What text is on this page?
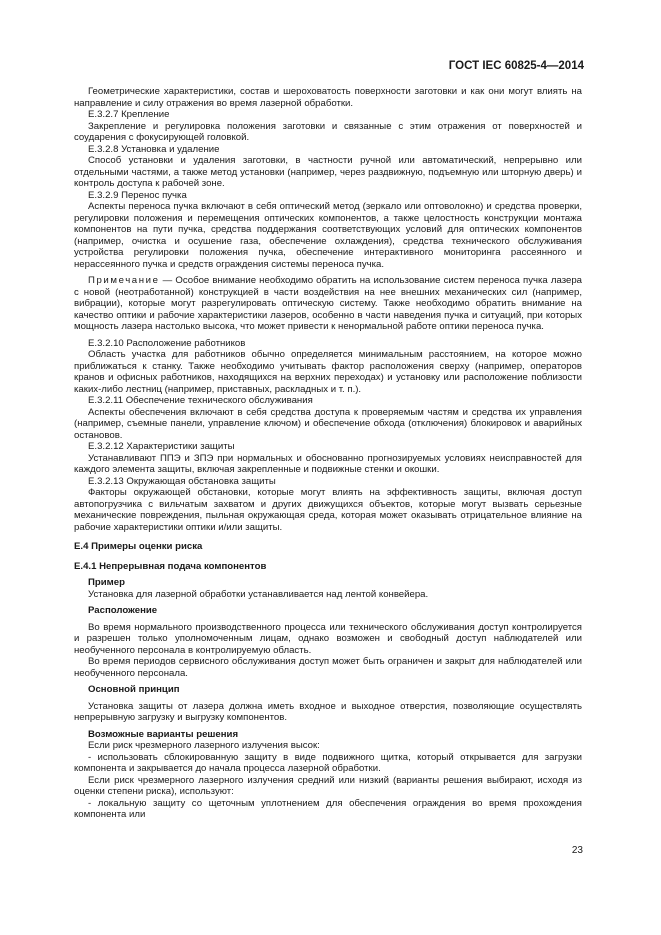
ГОСТ IEC 60825-4—2014

Геометрические характеристики, состав и шероховатость поверхности заготовки и как они могут влиять на направление и силу отражения во время лазерной обработки.

Е.3.2.7 Крепление

Закрепление и регулировка положения заготовки и связанные с этим отражения от поверхностей и соударения с фокусирующей головкой.

Е.3.2.8 Установка и удаление

Способ установки и удаления заготовки, в частности ручной или автоматический, непрерывно или отдельными частями, а также метод установки (например, через раздвижную, подъемную или шторную дверь) и контроль доступа к рабочей зоне.

Е.3.2.9 Перенос пучка

Аспекты переноса пучка включают в себя оптический метод (зеркало или оптоволокно) и средства проверки, регулировки положения и перемещения оптических компонентов, а также целостность конструкции монтажа компонентов на пути пучка, средства поддержания соответствующих условий для оптических компонентов (например, очистка и осушение газа, обеспечение охлаждения), средства технического обслуживания устройства регулировки положения пучка, обеспечение интерактивного мониторинга рассеянного и нерассеянного пучка и средств ограждения системы переноса пучка.

Примечание — Особое внимание необходимо обратить на использование систем переноса пучка лазера с новой (неотработанной) конструкцией в части воздействия на нее внешних механических сил (например, вибрации), которые могут разрегулировать оптическую систему. Также необходимо обратить внимание на качество оптики и рабочие характеристики лазеров, особенно в части наведения пучка и ситуаций, при которых мощность лазера настолько высока, что может привести к ненормальной работе оптики переноса пучка.

Е.3.2.10 Расположение работников

Область участка для работников обычно определяется минимальным расстоянием, на которое можно приближаться к станку. Также необходимо учитывать фактор расположения сверху (например, операторов кранов и офисных работников, находящихся на верхних переходах) и установку или расположение поблизости каких-либо лестниц (например, приставных, раскладных и т. п.).

Е.3.2.11 Обеспечение технического обслуживания

Аспекты обеспечения включают в себя средства доступа к проверяемым частям и средства их управления (например, съемные панели, управление ключом) и обеспечение обхода (отключения) блокировок и аварийных остановов.

Е.3.2.12 Характеристики защиты

Устанавливают ППЭ и ЗПЭ при нормальных и обоснованно прогнозируемых условиях неисправностей для каждого элемента защиты, включая закрепленные и подвижные стенки и окошки.

Е.3.2.13 Окружающая обстановка защиты

Факторы окружающей обстановки, которые могут влиять на эффективность защиты, включая доступ автопогрузчика с вильчатым захватом и других движущихся объектов, которые могут вызвать серьезные механические повреждения, пыльная окружающая среда, которая может оказывать отрицательное влияние на рабочие характеристики оптики и/или защиты.

Е.4 Примеры оценки риска

Е.4.1 Непрерывная подача компонентов

Пример

Установка для лазерной обработки устанавливается над лентой конвейера.

Расположение

Во время нормального производственного процесса или технического обслуживания доступ контролируется и разрешен только уполномоченным лицам, однако возможен и свободный доступ наблюдателей или необученного персонала в контролируемую область.

Во время периодов сервисного обслуживания доступ может быть ограничен и закрыт для наблюдателей или необученного персонала.

Основной принцип

Установка защиты от лазера должна иметь входное и выходное отверстия, позволяющие осуществлять непрерывную загрузку и выгрузку компонентов.

Возможные варианты решения

Если риск чрезмерного лазерного излучения высок:

- использовать сблокированную защиту в виде подвижного щитка, который открывается для загрузки компонента и закрывается до начала процесса лазерной обработки.

Если риск чрезмерного лазерного излучения средний или низкий (варианты решения выбирают, исходя из оценки степени риска), используют:

- локальную защиту со щеточным уплотнением для обеспечения ограждения во время прохождения компонента или

23
